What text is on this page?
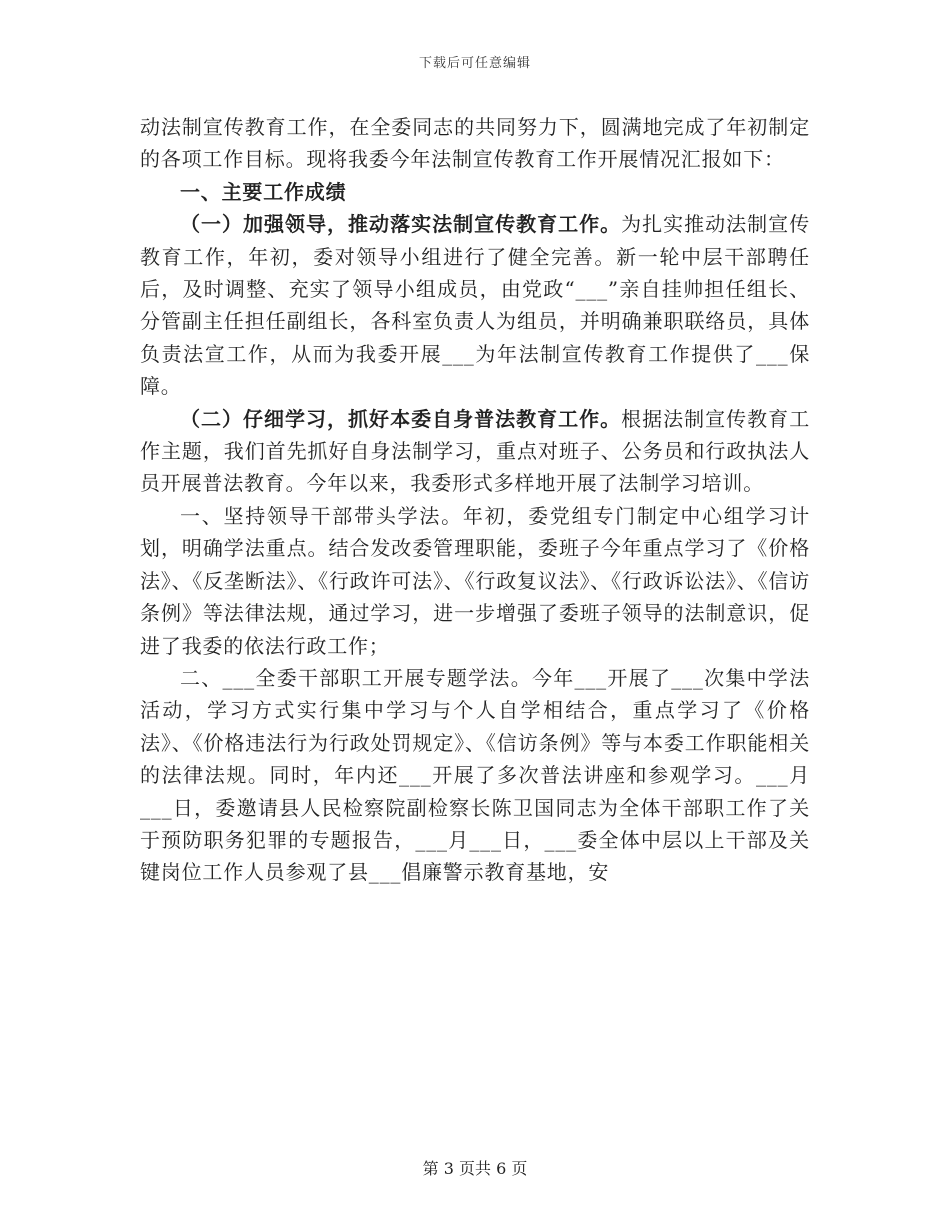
下载后可任意编辑

动法制宣传教育工作，在全委同志的共同努力下，圆满地完成了年初制定的各项工作目标。现将我委今年法制宣传教育工作开展情况汇报如下：

一、主要工作成绩

（一）加强领导，推动落实法制宣传教育工作。为扎实推动法制宣传教育工作，年初，委对领导小组进行了健全完善。新一轮中层干部聘任后，及时调整、充实了领导小组成员，由党政“___”亲自挂帅担任组长、分管副主任担任副组长，各科室负责人为组员，并明确兼职联络员，具体负责法宣工作，从而为我委开展___为年法制宣传教育工作提供了___保障。

（二）仔细学习，抓好本委自身普法教育工作。根据法制宣传教育工作主题，我们首先抓好自身法制学习，重点对班子、公务员和行政执法人员开展普法教育。今年以来，我委形式多样地开展了法制学习培训。

一、坚持领导干部带头学法。年初，委党组专门制定中心组学习计划，明确学法重点。结合发改委管理职能，委班子今年重点学习了《价格法》、《反垄断法》、《行政许可法》、《行政复议法》、《行政诉讼法》、《信访条例》等法律法规，通过学习，进一步增强了委班子领导的法制意识，促进了我委的依法行政工作；

二、___全委干部职工开展专题学法。今年___开展了___次集中学法活动，学习方式实行集中学习与个人自学相结合，重点学习了《价格法》、《价格违法行为行政处罚规定》、《信访条例》等与本委工作职能相关的法律法规。同时，年内还___开展了多次普法讲座和参观学习。___月___日，委邀请县人民检察院副检察长陈卫国同志为全体干部职工作了关于预防职务犯罪的专题报告，___月___日，___委全体中层以上干部及关键岗位工作人员参观了县___倡廉警示教育基地，安

第 3 页共 6 页
